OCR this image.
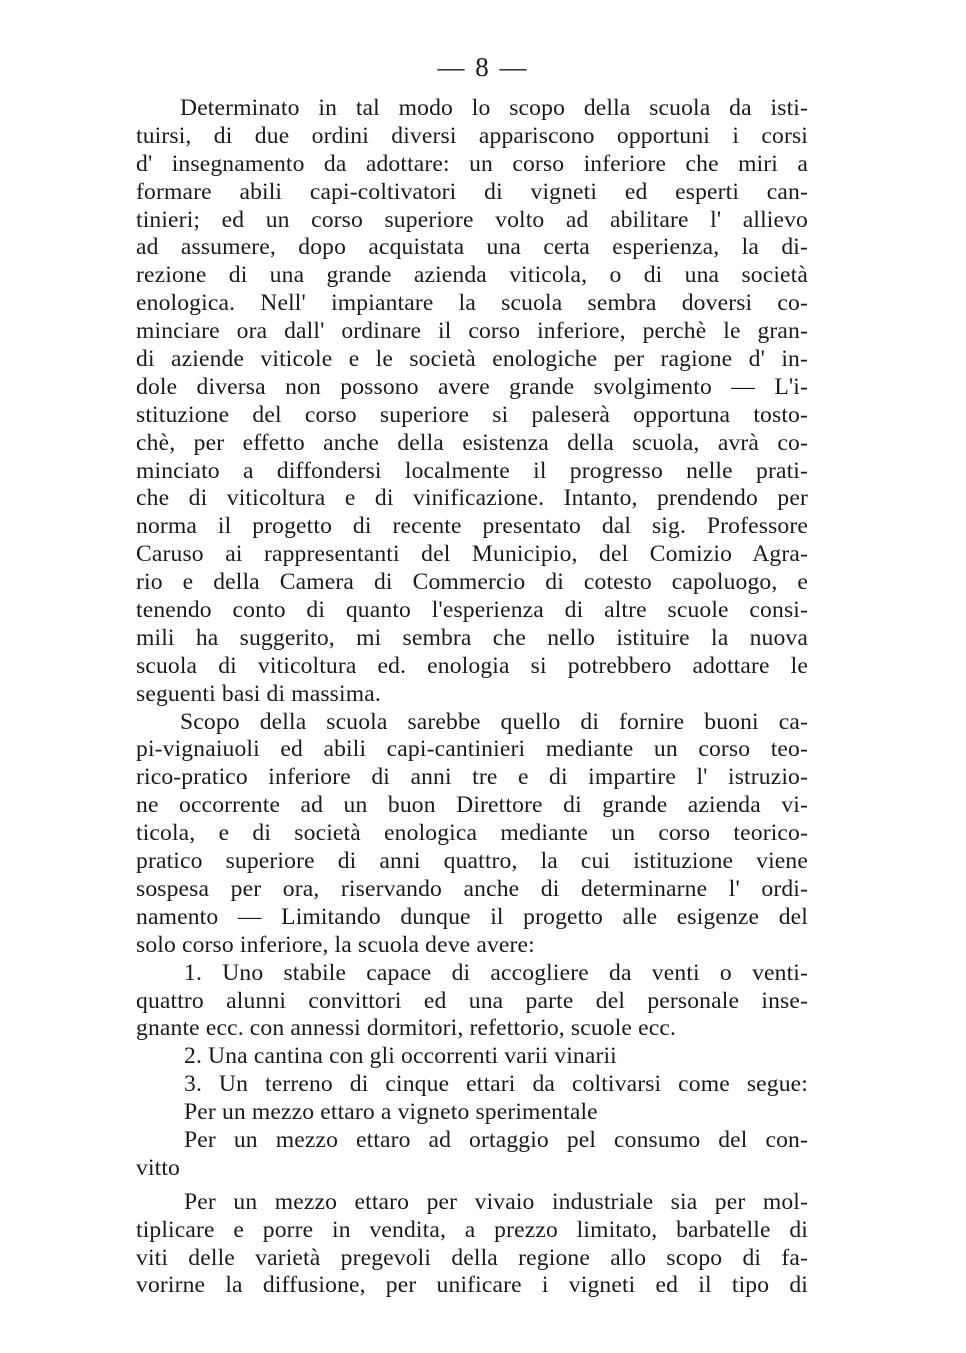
— 8 —
Determinato in tal modo lo scopo della scuola da isti-
tuirsi, di due ordini diversi appariscono opportuni i corsi
d' insegnamento da adottare: un corso inferiore che miri a
formare abili capi-coltivatori di vigneti ed esperti can-
tinieri; ed un corso superiore volto ad abilitare l' allievo
ad assumere, dopo acquistata una certa esperienza, la di-
rezione di una grande azienda viticola, o di una società
enologica. Nell' impiantare la scuola sembra doversi co-
minciare ora dall' ordinare il corso inferiore, perchè le gran-
di aziende viticole e le società enologiche per ragione d' in-
dole diversa non possono avere grande svolgimento — L'i-
stituzione del corso superiore si paleserà opportuna tosto-
chè, per effetto anche della esistenza della scuola, avrà co-
minciato a diffondersi localmente il progresso nelle prati-
che di viticoltura e di vinificazione. Intanto, prendendo per
norma il progetto di recente presentato dal sig. Professore
Caruso ai rappresentanti del Municipio, del Comizio Agra-
rio e della Camera di Commercio di cotesto capoluogo, e
tenendo conto di quanto l'esperienza di altre scuole consi-
mili ha suggerito, mi sembra che nello istituire la nuova
scuola di viticoltura ed. enologia si potrebbero adottare le
seguenti basi di massima.
Scopo della scuola sarebbe quello di fornire buoni ca-
pi-vignaiuoli ed abili capi-cantinieri mediante un corso teo-
rico-pratico inferiore di anni tre e di impartire l' istruzio-
ne occorrente ad un buon Direttore di grande azienda vi-
ticola, e di società enologica mediante un corso teorico-
pratico superiore di anni quattro, la cui istituzione viene
sospesa per ora, riservando anche di determinarne l' ordi-
namento — Limitando dunque il progetto alle esigenze del
solo corso inferiore, la scuola deve avere:
1. Uno stabile capace di accogliere da venti o venti-
quattro alunni convittori ed una parte del personale inse-
gnante ecc. con annessi dormitori, refettorio, scuole ecc.
2. Una cantina con gli occorrenti varii vinarii
3. Un terreno di cinque ettari da coltivarsi come segue:
Per un mezzo ettaro a vigneto sperimentale
Per un mezzo ettaro ad ortaggio pel consumo del con-
vitto
Per un mezzo ettaro per vivaio industriale sia per mol-
tiplicare e porre in vendita, a prezzo limitato, barbatelle di
viti delle varietà pregevoli della regione allo scopo di fa-
vorirne la diffusione, per unificare i vigneti ed il tipo di
